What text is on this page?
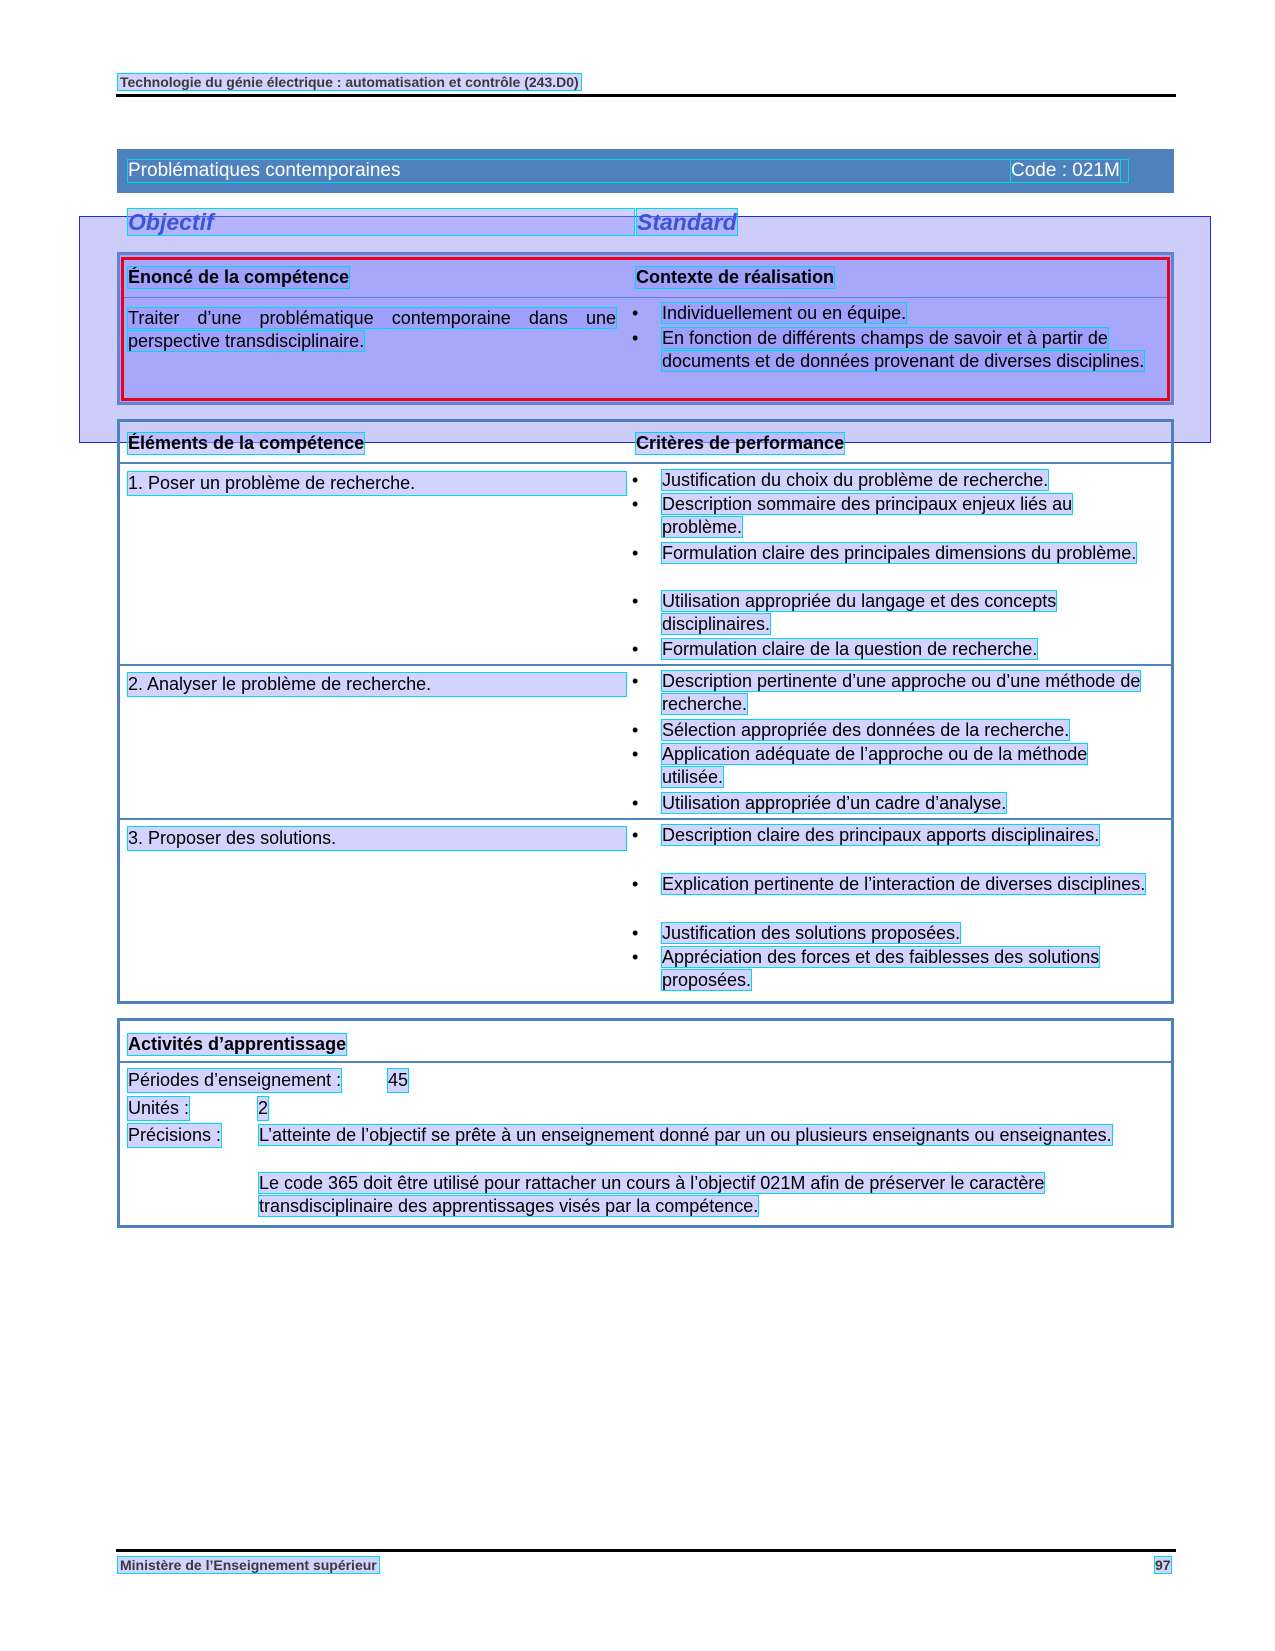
Technologie du génie électrique : automatisation et contrôle (243.D0)
Problématiques contemporaines	Code : 021M
Objectif	Standard
Énoncé de la compétence	Contexte de réalisation
Traiter d’une problématique contemporaine dans une perspective transdisciplinaire.
• Individuellement ou en équipe.
• En fonction de différents champs de savoir et à partir de documents et de données provenant de diverses disciplines.
Éléments de la compétence	Critères de performance
1. Poser un problème de recherche.	• Justification du choix du problème de recherche.
• Description sommaire des principaux enjeux liés au problème.
• Formulation claire des principales dimensions du problème.
• Utilisation appropriée du langage et des concepts disciplinaires.
• Formulation claire de la question de recherche.
2. Analyser le problème de recherche.	• Description pertinente d’une approche ou d’une méthode de recherche.
• Sélection appropriée des données de la recherche.
• Application adéquate de l’approche ou de la méthode utilisée.
• Utilisation appropriée d’un cadre d’analyse.
3. Proposer des solutions.	• Description claire des principaux apports disciplinaires.
• Explication pertinente de l’interaction de diverses disciplines.
• Justification des solutions proposées.
• Appréciation des forces et des faiblesses des solutions proposées.
Activités d’apprentissage
Périodes d’enseignement :	45
Unités :	2
Précisions : L’atteinte de l’objectif se prête à un enseignement donné par un ou plusieurs enseignants ou enseignantes.
Le code 365 doit être utilisé pour rattacher un cours à l’objectif 021M afin de préserver le caractère transdisciplinaire des apprentissages visés par la compétence.
Ministère de l’Enseignement supérieur	97
